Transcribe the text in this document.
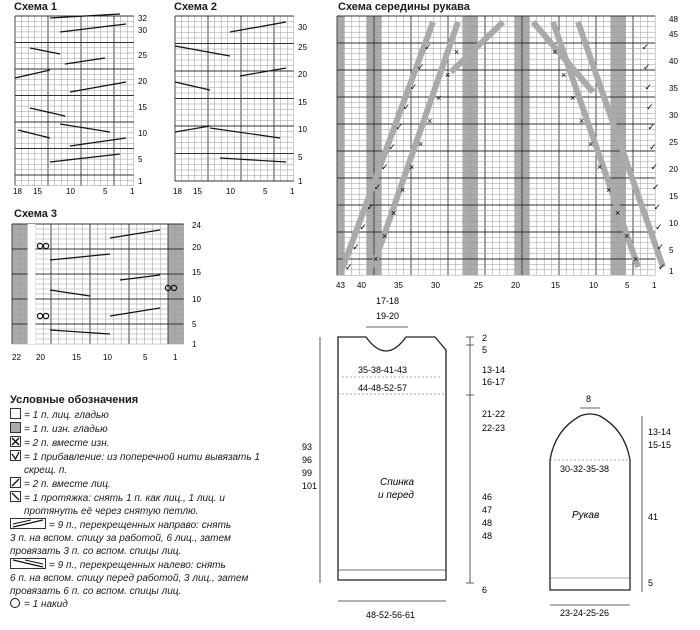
Схема 1
32
30
25
20
15
10
5
1
18 15	10	5	1
Схема 2
30
25
20
15
10
5
1
18 15	10	5	1
Схема 3
24
20
15
10
5
1
22 20	15	10	5	1
Схема середины рукава
✓
✓
✓
✓
✓
✓
✓
✓
✓
✓
✓
✓
×
×
×
×
×
×
×
×
×
×
×
×
×
×
×
×
×
×
×
×
✓
✓
✓
✓
✓
✓
✓
✓
✓
✓
✓
✓
48
45
40
35
30
25
20
15
10
5
1
43 40	35	30	25	20	15	10	5	1
Условные обозначения
= 1 п. лиц. гладью
= 1 п. изн. гладью
= 2 п. вместе изн.
= 1 прибавление: из поперечной нити вывязать 1
скрещ. п.
= 2 п. вместе лиц.
= 1 протяжка: снять 1 п. как лиц., 1 лиц. и
протянуть её через снятую петлю.
= 9 п., перекрещенных направо: снять
3 п. на вспом. спицу за работой, 6 лиц., затем
провязать 3 п. со вспом. спицы лиц.
= 9 п., перекрещенных налево: снять
6 п. на вспом. спицу перед работой, 3 лиц., затем
провязать 6 п. со вспом. спицы лиц.
= 1 накид
17-18
19-20
2
5
13-14
16-17
35-38-41-43
44-48-52-57
21-22
22-23
93
96
99
101
46
47
48
48
6
Спинка
и перед
48-52-56-61
8
13-14
15-15
30-32-35-38
41
Рукав
5
23-24-25-26
